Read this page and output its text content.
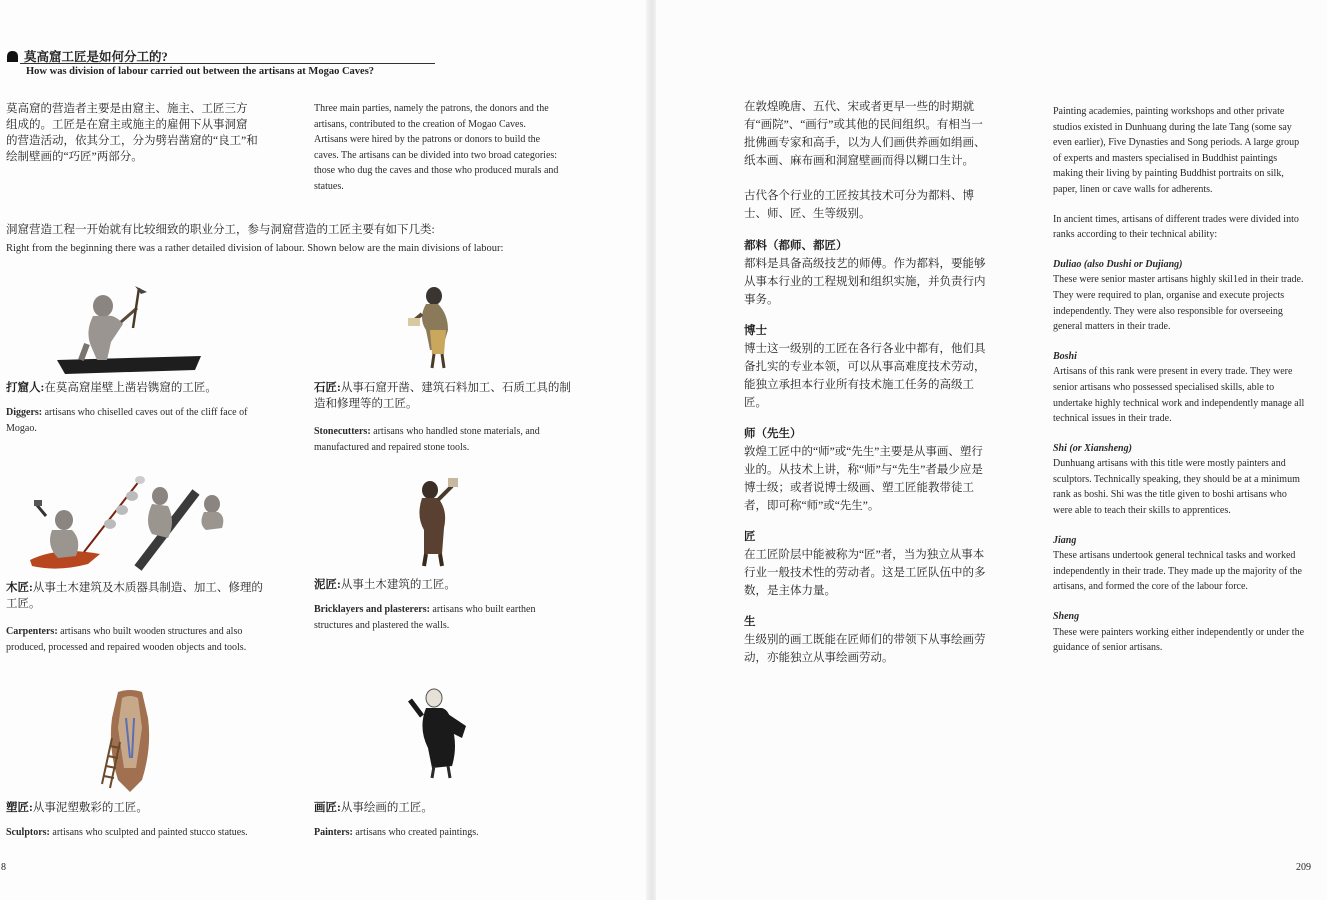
莫高窟工匠是如何分工的?
How was division of labour carried out between the artisans at Mogao Caves?
莫高窟的营造者主要是由窟主、施主、工匠三方组成的。工匠是在窟主或施主的雇佣下从事洞窟的营造活动，依其分工，分为劈岩凿窟的“良工”和绘制壁画的“巧匠”两部分。
Three main parties, namely the patrons, the donors and the artisans, contributed to the creation of Mogao Caves. Artisans were hired by the patrons or donors to build the caves. The artisans can be divided into two broad categories: those who dug the caves and those who produced murals and statues.
洞窟营造工程一开始就有比较细致的职业分工，参与洞窟营造的工匠主要有如下几类:
Right from the beginning there was a rather detailed division of labour. Shown below are the main divisions of labour:
打窟人:在莫高窟崖壁上凿岩镌窟的工匠。
Diggers: artisans who chiselled caves out of the cliff face of Mogao.
石匠:从事石窟开凿、建筑石料加工、石质工具的制造和修理等的工匠。
Stonecutters: artisans who handled stone materials, and manufactured and repaired stone tools.
木匠:从事土木建筑及木质器具制造、加工、修理的工匠。
Carpenters: artisans who built wooden structures and also produced, processed and repaired wooden objects and tools.
泥匠:从事土木建筑的工匠。
Bricklayers and plasterers: artisans who built earthen structures and plastered the walls.
塑匠:从事泥塑敷彩的工匠。
Sculptors: artisans who sculpted and painted stucco statues.
画匠:从事绘画的工匠。
Painters: artisans who created paintings.
8
在敦煌晚唐、五代、宋或者更早一些的时期就有“画院”、“画行”或其他的民间组织。有相当一批佛画专家和高手，以为人们画供养画如绢画、纸本画、麻布画和洞窟壁画而得以糊口生计。
古代各个行业的工匠按其技术可分为都料、博士、师、匠、生等级别。
都料（都师、都匠）
都料是具备高级技艺的师傅。作为都料，要能够从事本行业的工程规划和组织实施，并负责行内事务。
博士
博士这一级别的工匠在各行各业中都有，他们具备扎实的专业本领，可以从事高难度技术劳动，能独立承担本行业所有技术施工任务的高级工匠。
师（先生）
敦煌工匠中的“师”或“先生”主要是从事画、塑行业的。从技术上讲，称“师”与“先生”者最少应是博士级；或者说博士级画、塑工匠能教带徒工者，即可称“师”或“先生”。
匠
在工匠阶层中能被称为“匠”者，当为独立从事本行业一般技术性的劳动者。这是工匠队伍中的多数，是主体力量。
生
生级别的画工既能在匠师们的带领下从事绘画劳动，亦能独立从事绘画劳动。
Painting academies, painting workshops and other private studios existed in Dunhuang during the late Tang (some say even earlier), Five Dynasties and Song periods. A large group of experts and masters specialised in Buddhist paintings making their living by painting Buddhist portraits on silk, paper, linen or cave walls for adherents.
In ancient times, artisans of different trades were divided into ranks according to their technical ability:
Duliao (also Dushi or Dujiang)
These were senior master artisans highly skil1ed in their trade. They were required to plan, organise and execute projects independently. They were also responsible for overseeing general matters in their trade.
Boshi
Artisans of this rank were present in every trade. They were senior artisans who possessed specialised skills, able to undertake highly technical work and independently manage all technical issues in their trade.
Shi (or Xiansheng)
Dunhuang artisans with this title were mostly painters and sculptors. Technically speaking, they should be at a minimum rank as boshi. Shi was the title given to boshi artisans who were able to teach their skills to apprentices.
Jiang
These artisans undertook general technical tasks and worked independently in their trade. They made up the majority of the artisans, and formed the core of the labour force.
Sheng
These were painters working either independently or under the guidance of senior artisans.
209
